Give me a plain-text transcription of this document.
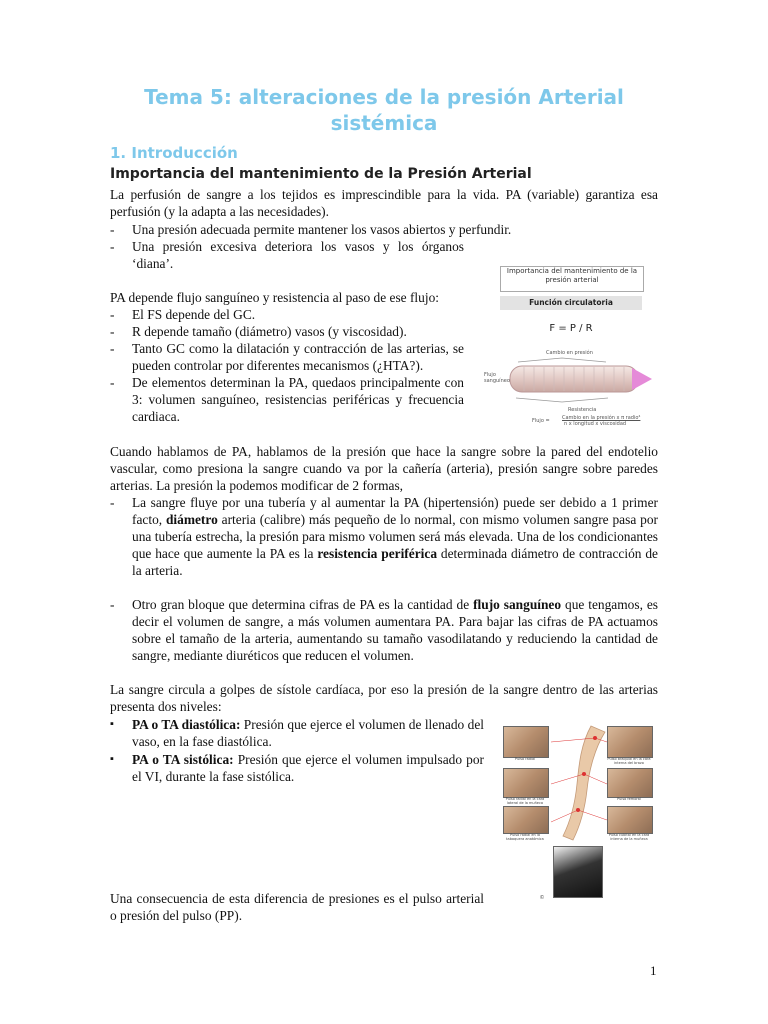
Tema 5: alteraciones de la presión Arterial sistémica
1. Introducción
Importancia del mantenimiento de la Presión Arterial

La perfusión de sangre a los tejidos es imprescindible para la vida. PA (variable) garantiza esa perfusión (y la adapta a las necesidades).

- Una presión adecuada permite mantener los vasos abiertos y perfundir.
- Una presión excesiva deteriora los vasos y los órganos ‘diana’.

PA depende flujo sanguíneo y resistencia al paso de ese flujo:

- El FS depende del GC.
- R depende tamaño (diámetro) vasos (y viscosidad).
- Tanto GC como la dilatación y contracción de las arterias, se pueden controlar por diferentes mecanismos (¿HTA?).
- De elementos determinan la PA, quedaos principalmente con 3: volumen sanguíneo, resistencias periféricas y frecuencia cardiaca.
Importancia del mantenimiento de la presión arterial
Función circulatoria
F = P / R
Cambio en presión
Flujo sanguíneo
Resistencia
Flujo = Cambio en la presión x π radio⁴
n x longitud x viscosidad

Cuando hablamos de PA, hablamos de la presión que hace la sangre sobre la pared del endotelio vascular, como presiona la sangre cuando va por la cañería (arteria), presión sangre sobre paredes arterias. La presión la podemos modificar de 2 formas,

- La sangre fluye por una tubería y al aumentar la PA (hipertensión) puede ser debido a 1 primer facto, diámetro arteria (calibre) más pequeño de lo normal, con mismo volumen sangre pasa por una tubería estrecha, la presión para mismo volumen será más elevada. Una de los condicionantes que hace que aumente la PA es la resistencia periférica determinada diámetro de contracción de la arteria.
- Otro gran bloque que determina cifras de PA es la cantidad de flujo sanguíneo que tengamos, es decir el volumen de sangre, a más volumen aumentara PA. Para bajar las cifras de PA actuamos sobre el tamaño de la arteria, aumentando su tamaño vasodilatando y reduciendo la cantidad de sangre, mediante diuréticos que reducen el volumen.

La sangre circula a golpes de sístole cardíaca, por eso la presión de la sangre dentro de las arterias presenta dos niveles:

▪ PA o TA diastólica: Presión que ejerce el volumen de llenado del vaso, en la fase diastólica.
▪ PA o TA sistólica: Presión que ejerce el volumen impulsado por el VI, durante la fase sistólica.
Pulso radial
Pulso radial en la cara lateral de la muñeca
Pulso radial en la tabaquera anatómica
Pulso braquial en la cara interna del brazo
Pulso femoral
Pulso cubital en la cara interna de la muñeca
©

Una consecuencia de esta diferencia de presiones es el pulso arterial o presión del pulso (PP).

1
